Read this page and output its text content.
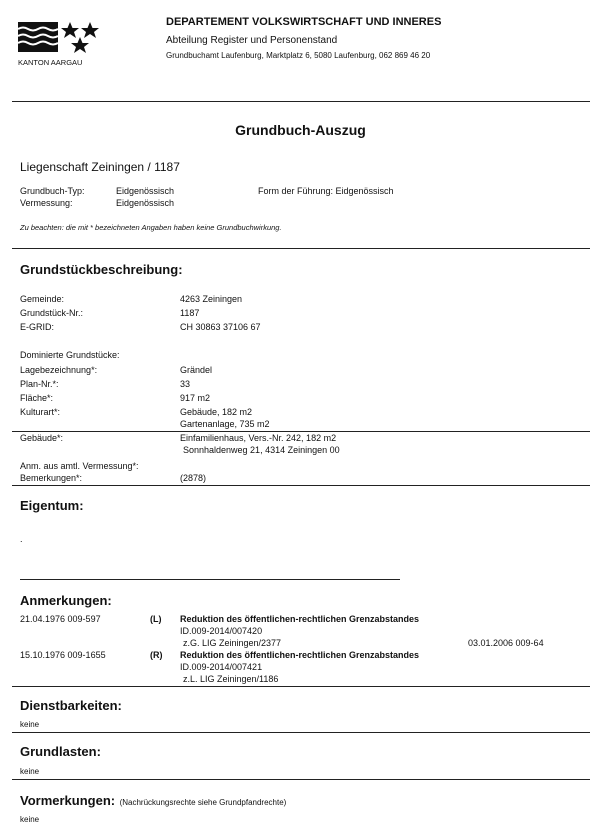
KANTON AARGAU
DEPARTEMENT VOLKSWIRTSCHAFT UND INNERES
Abteilung Register und Personenstand
Grundbuchamt Laufenburg, Marktplatz 6, 5080 Laufenburg, 062 869 46 20
Grundbuch-Auszug
Liegenschaft Zeiningen / 1187
Grundbuch-Typ:	Eidgenössisch	Form der Führung: Eidgenössisch
Vermessung:	Eidgenössisch
Zu beachten: die mit * bezeichneten Angaben haben keine Grundbuchwirkung.
Grundstückbeschreibung:
Gemeinde:	4263 Zeiningen
Grundstück-Nr.:	1187
E-GRID:	CH 30863 37106 67
Dominierte Grundstücke:
Lagebezeichnung*:	Grändel
Plan-Nr.*:	33
Fläche*:	917 m2
Kulturart*:	Gebäude, 182 m2
Gartenanlage, 735 m2
Gebäude*:	Einfamilienhaus, Vers.-Nr. 242, 182 m2
Sonnhaldenweg 21, 4314 Zeiningen 00
Anm. aus amtl. Vermessung*:
Bemerkungen*:	(2878)
Eigentum:
.
Anmerkungen:
21.04.1976 009-597	(L) Reduktion des öffentlichen-rechtlichen Grenzabstandes
ID.009-2014/007420
z.G. LIG Zeiningen/2377	03.01.2006 009-64
15.10.1976 009-1655	(R) Reduktion des öffentlichen-rechtlichen Grenzabstandes
ID.009-2014/007421
z.L. LIG Zeiningen/1186
Dienstbarkeiten:
keine
Grundlasten:
keine
Vormerkungen: (Nachrückungsrechte siehe Grundpfandrechte)
keine
